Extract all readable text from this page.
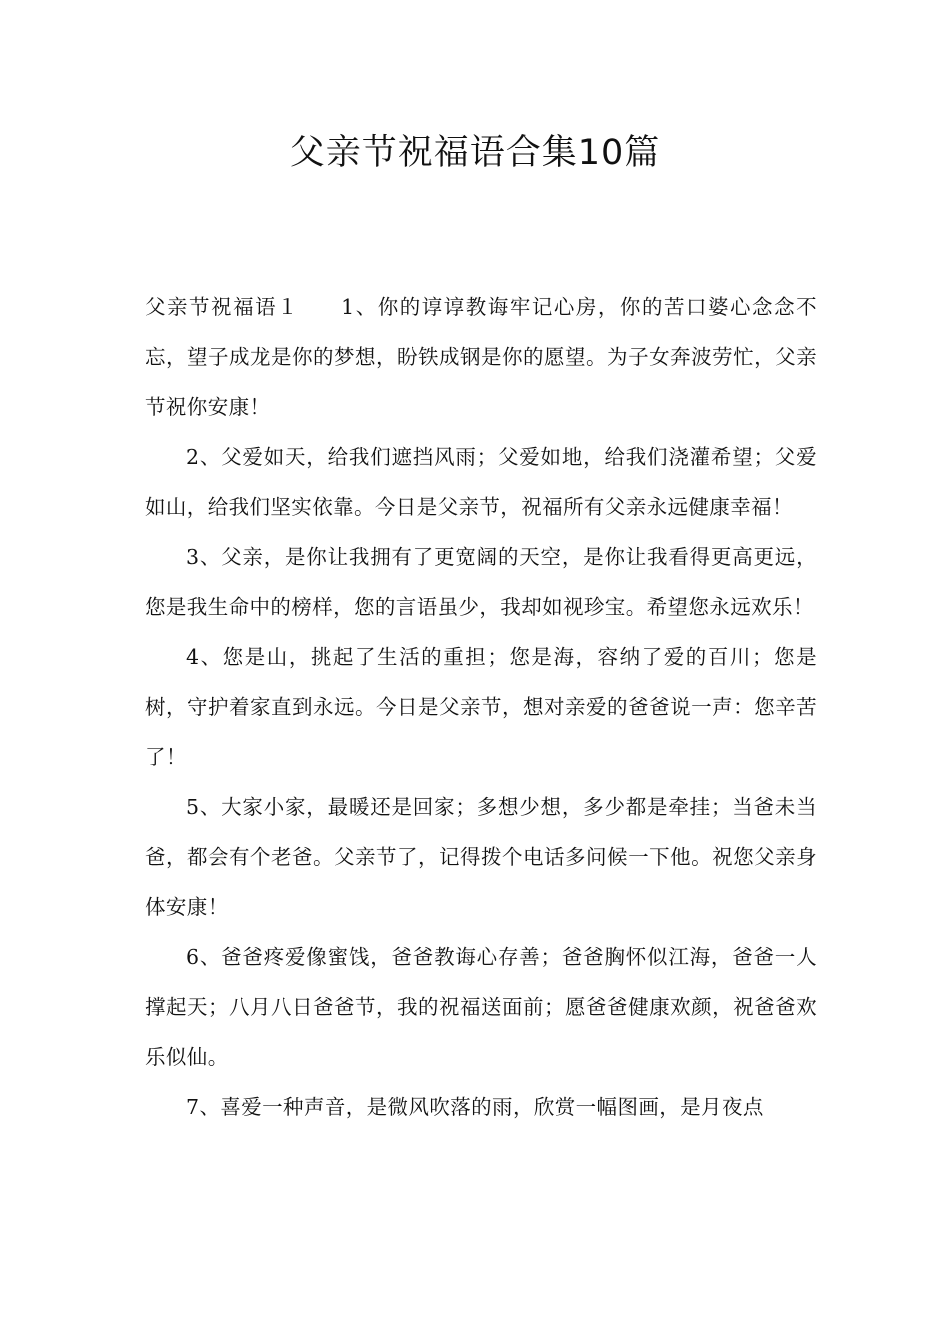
父亲节祝福语合集10篇

父亲节祝福语１ 1、你的谆谆教诲牢记心房，你的苦口婆心念念不忘，望子成龙是你的梦想，盼铁成钢是你的愿望。为子女奔波劳忙，父亲节祝你安康！

2、父爱如天，给我们遮挡风雨；父爱如地，给我们浇灌希望；父爱如山，给我们坚实依靠。今日是父亲节，祝福所有父亲永远健康幸福！

3、父亲，是你让我拥有了更宽阔的天空，是你让我看得更高更远，您是我生命中的榜样，您的言语虽少，我却如视珍宝。希望您永远欢乐！

4、您是山，挑起了生活的重担；您是海，容纳了爱的百川；您是树，守护着家直到永远。今日是父亲节，想对亲爱的爸爸说一声：您辛苦了！

5、大家小家，最暖还是回家；多想少想，多少都是牵挂；当爸未当爸，都会有个老爸。父亲节了，记得拨个电话多问候一下他。祝您父亲身体安康！

6、爸爸疼爱像蜜饯，爸爸教诲心存善；爸爸胸怀似江海，爸爸一人撑起天；八月八日爸爸节，我的祝福送面前；愿爸爸健康欢颜，祝爸爸欢乐似仙。

7、喜爱一种声音，是微风吹落的雨，欣赏一幅图画，是月夜点
